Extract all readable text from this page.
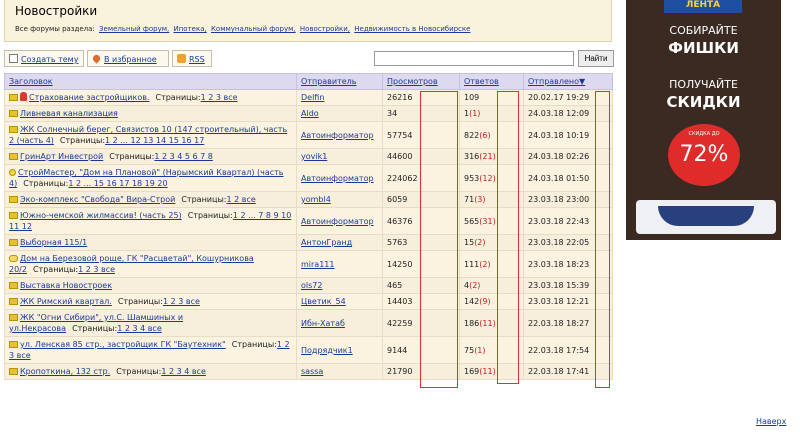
Новостройки
Все форумы раздела: Земельный форум, Ипотека, Коммунальный форум, Новостройки, Недвижимость в Новосибирске
Создать тему	В избранное	RSS	Найти
Заголовок	Отправитель	Просмотров	Ответов	Отправлено▼
Страхование застройщиков. Страницы:1 2 3 все	Delfin	26216	109	20.02.17 19:29
Ливневая канализация	Aldo	34	1(1)	24.03.18 12:09
ЖК Солнечный берег, Связистов 10 (147 строительный), часть 2 (часть 4) Страницы:1 2 ... 12 13 14 15 16 17	Автоинформатор	57754	822(6)	24.03.18 10:19
ГринАрт Инвестрой Страницы:1 2 3 4 5 6 7 8	yovik1	44600	316(21)	24.03.18 02:26
СтройМастер, "Дом на Плановой" (Нарымский Квартал) (часть 4) Страницы:1 2 ... 15 16 17 18 19 20	Автоинформатор	224062	953(12)	24.03.18 01:50
Эко-комплекс "Свобода" Вира-Строй Страницы:1 2 все	yombl4	6059	71(3)	23.03.18 23:00
Южно-чемской жилмассив! (часть 25) Страницы:1 2 ... 7 8 9 10 11 12	Автоинформатор	46376	565(31)	23.03.18 22:43
Выборная 115/1	АнтонГранд	5763	15(2)	23.03.18 22:05
Дом на Березовой роще, ГК "Расцветай", Кошурникова 20/2 Страницы:1 2 3 все	mira111	14250	111(2)	23.03.18 18:23
Выставка Новостроек	ols72	465	4(2)	23.03.18 15:39
ЖК Римский квартал. Страницы:1 2 3 все	Цветик_54	14403	142(9)	23.03.18 12:21
ЖК "Огни Сибири", ул.С. Шамшиных и ул.Некрасова Страницы:1 2 3 4 все	Ибн-Хатаб	42259	186(11)	22.03.18 18:27
ул. Ленская 85 стр., застройщик ГК "Баутехник" Страницы:1 2 3 все	Подрядчик1	9144	75(1)	22.03.18 17:54
Кропоткина, 132 стр. Страницы:1 2 3 4 все	sassa	21790	169(11)	22.03.18 17:41
ЛЕНТА
СОБИРАЙТЕ
ФИШКИ
ПОЛУЧАЙТЕ
СКИДКИ
СКИДКА ДО
72%
Наверх
